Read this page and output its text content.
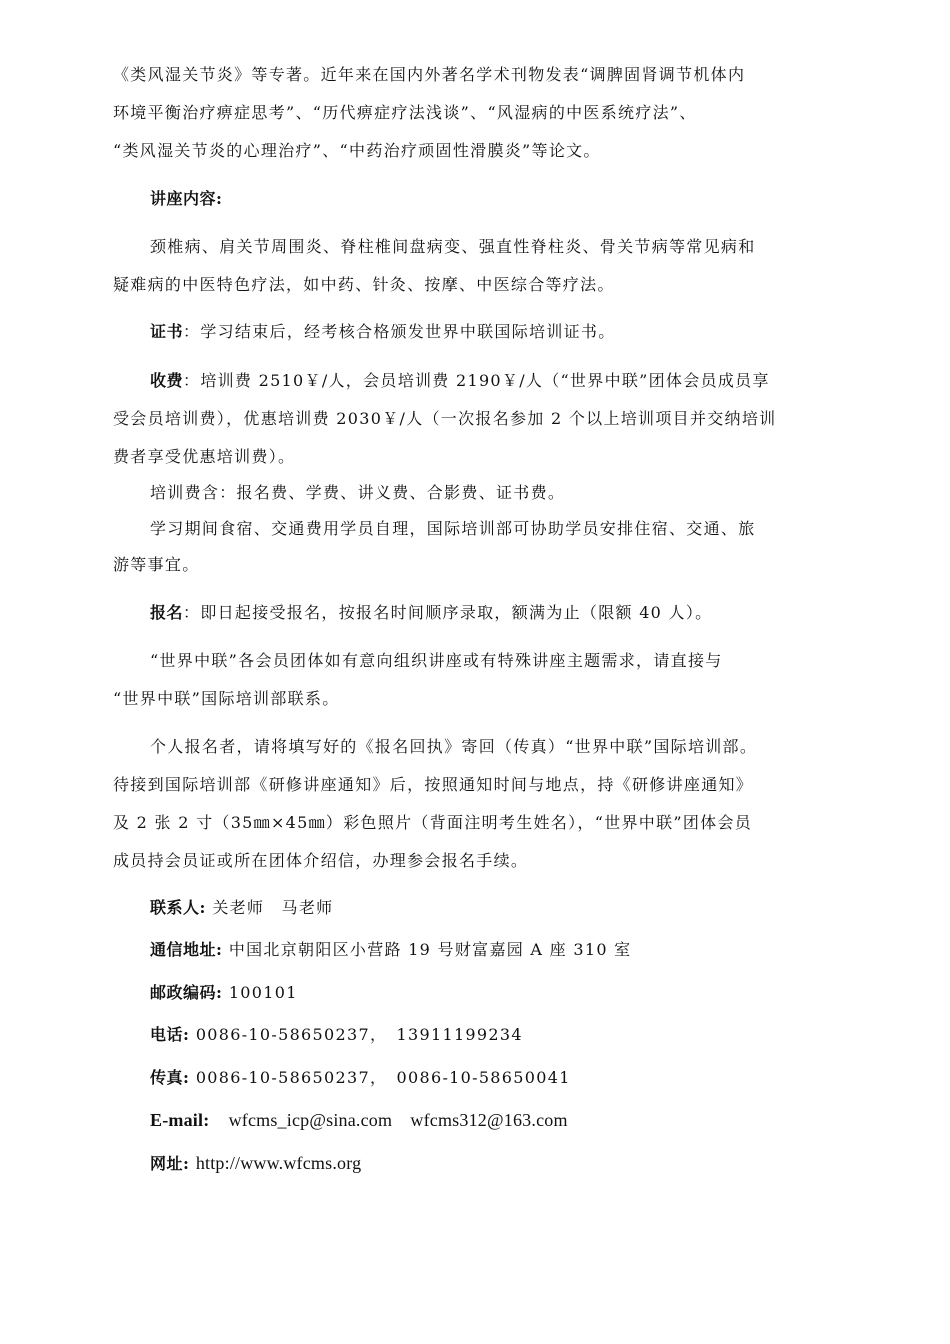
《类风湿关节炎》等专著。近年来在国内外著名学术刊物发表“调脾固肾调节机体内
环境平衡治疗痹症思考”、“历代痹症疗法浅谈”、“风湿病的中医系统疗法”、
“类风湿关节炎的心理治疗”、“中药治疗顽固性滑膜炎”等论文。
讲座内容:
颈椎病、肩关节周围炎、脊柱椎间盘病变、强直性脊柱炎、骨关节病等常见病和
疑难病的中医特色疗法，如中药、针灸、按摩、中医综合等疗法。
证书：学习结束后，经考核合格颁发世界中联国际培训证书。
收费：培训费 2510￥/人，会员培训费 2190￥/人（“世界中联”团体会员成员享
受会员培训费），优惠培训费 2030￥/人（一次报名参加 2 个以上培训项目并交纳培训
费者享受优惠培训费）。
培训费含：报名费、学费、讲义费、合影费、证书费。
学习期间食宿、交通费用学员自理，国际培训部可协助学员安排住宿、交通、旅
游等事宜。
报名：即日起接受报名，按报名时间顺序录取，额满为止（限额 40 人）。
“世界中联”各会员团体如有意向组织讲座或有特殊讲座主题需求，请直接与
“世界中联”国际培训部联系。
个人报名者，请将填写好的《报名回执》寄回（传真）“世界中联”国际培训部。
待接到国际培训部《研修讲座通知》后，按照通知时间与地点，持《研修讲座通知》
及 2 张 2 寸（35㎜×45㎜）彩色照片（背面注明考生姓名），“世界中联”团体会员
成员持会员证或所在团体介绍信，办理参会报名手续。
联系人: 关老师　马老师
通信地址: 中国北京朝阳区小营路 19 号财富嘉园 A 座 310 室
邮政编码: 100101
电话: 0086-10-58650237，　13911199234
传真: 0086-10-58650237，　0086-10-58650041
E-mail: wfcms_icp@sina.com　wfcms312@163.com
网址: http://www.wfcms.org
